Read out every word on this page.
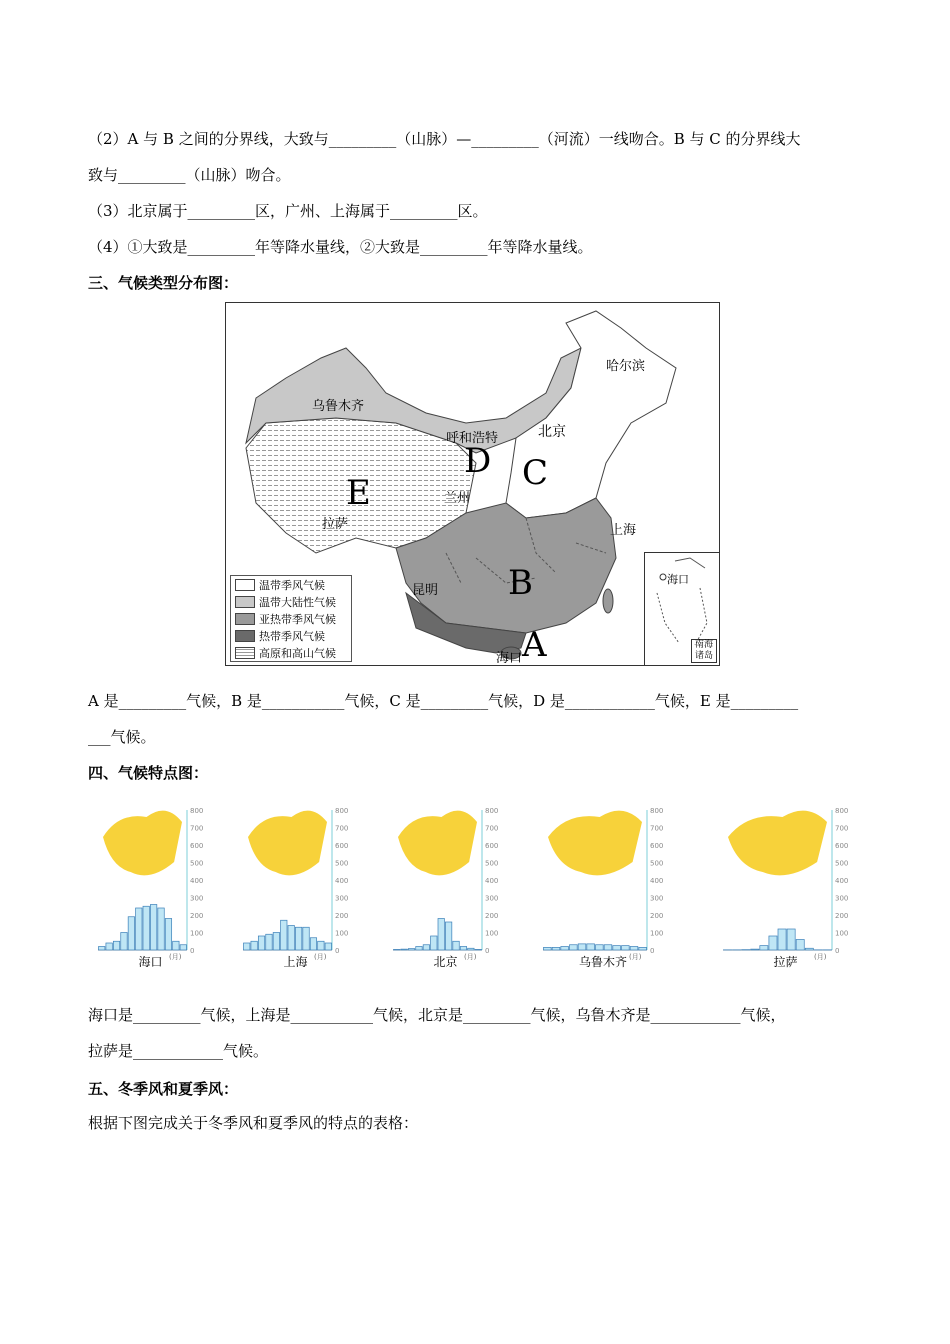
（2）A 与 B 之间的分界线，大致与_________（山脉）—_________（河流）一线吻合。B 与 C 的分界线大
致与_________（山脉）吻合。
（3）北京属于_________区，广州、上海属于_________区。
（4）①大致是_________年等降水量线，②大致是_________年等降水量线。
三、气候类型分布图：
乌鲁木齐
哈尔滨
呼和浩特	北京
兰州
拉萨	上海
昆明
海口 A
B
C
D
E
温带季风气候
温带大陆性气候
亚热带季风气候
热带季风气候
高原和高山气候
海口
南海诸岛
A 是_________气候，B 是___________气候，C 是_________气候，D 是____________气候，E 是_________
___气候。
四、气候特点图：
800
700
600
500
400
300
200
100
0
(月)
海口
800
700
600
500
400
300
200
100
0
(月)
上海
800
700
600
500
400
300
200
100
0
(月)
北京
800
700
600
500
400
300
200
100
0
(月)
乌鲁木齐
800
700
600
500
400
300
200
100
0
(月)
拉萨
海口是_________气候，上海是___________气候，北京是_________气候，乌鲁木齐是____________气候，
拉萨是____________气候。
五、冬季风和夏季风：
根据下图完成关于冬季风和夏季风的特点的表格：
